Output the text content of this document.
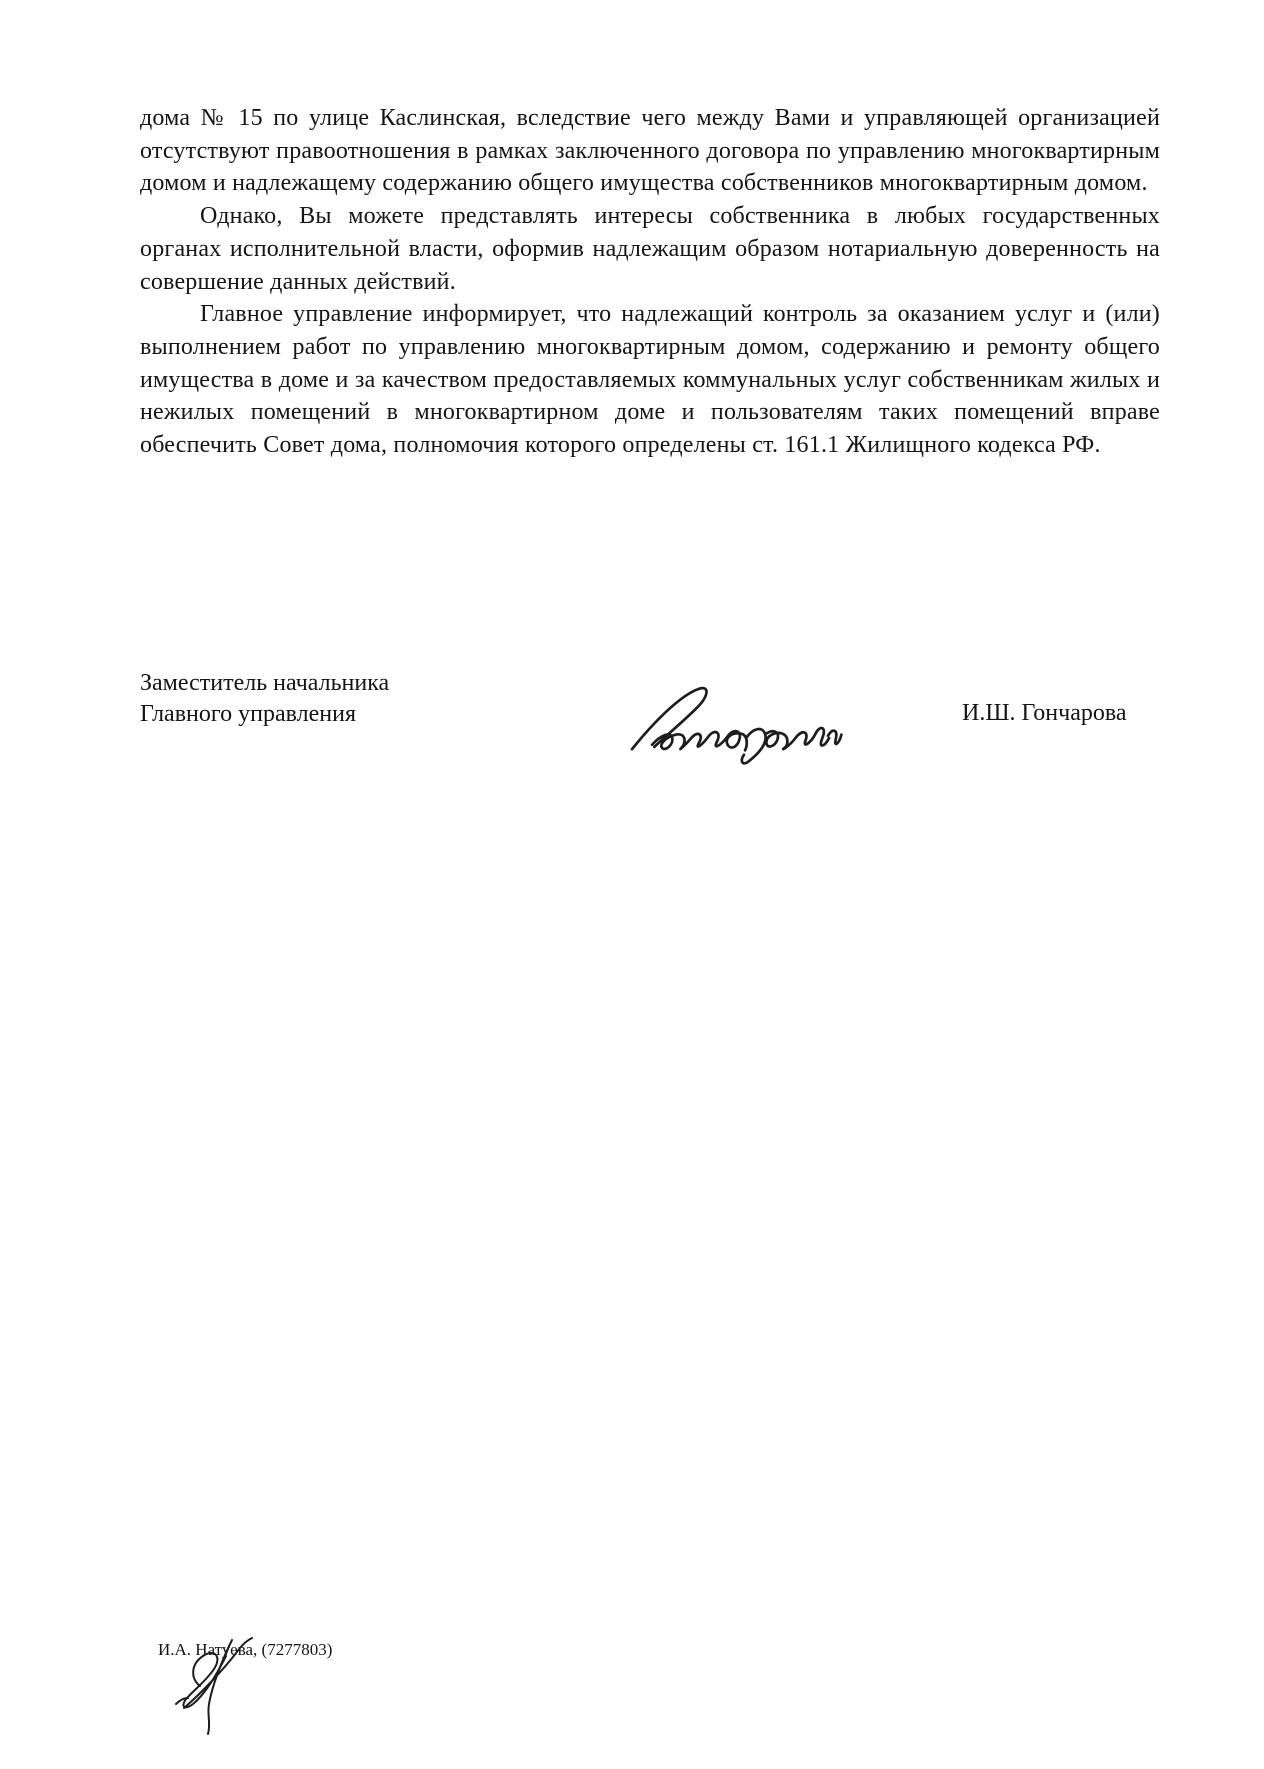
дома № 15 по улице Каслинская, вследствие чего между Вами и управляющей организацией отсутствуют правоотношения в рамках заключенного договора по управлению многоквартирным домом и надлежащему содержанию общего имущества собственников многоквартирным домом.

Однако, Вы можете представлять интересы собственника в любых государственных органах исполнительной власти, оформив надлежащим образом нотариальную доверенность на совершение данных действий.

Главное управление информирует, что надлежащий контроль за оказанием услуг и (или) выполнением работ по управлению многоквартирным домом, содержанию и ремонту общего имущества в доме и за качеством предоставляемых коммунальных услуг собственникам жилых и нежилых помещений в многоквартирном доме и пользователям таких помещений вправе обеспечить Совет дома, полномочия которого определены ст. 161.1 Жилищного кодекса РФ.

Заместитель начальника
Главного управления	И.Ш. Гончарова
И.А. Натуева, (7277803)
